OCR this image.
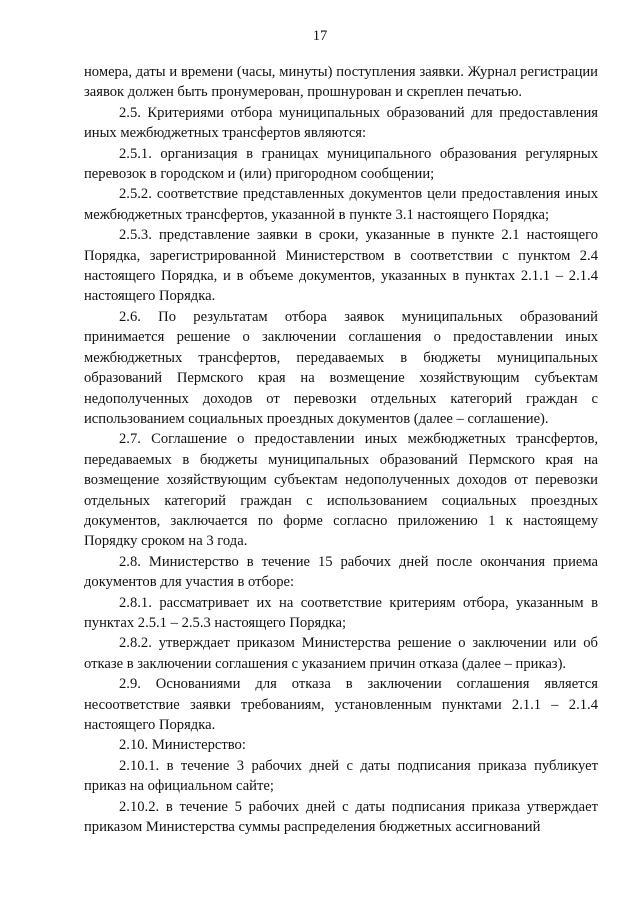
17

номера, даты и времени (часы, минуты) поступления заявки. Журнал регистрации заявок должен быть пронумерован, прошнурован и скреплен печатью.

2.5. Критериями отбора муниципальных образований для предоставления иных межбюджетных трансфертов являются:

2.5.1. организация в границах муниципального образования регулярных перевозок в городском и (или) пригородном сообщении;

2.5.2. соответствие представленных документов цели предоставления иных межбюджетных трансфертов, указанной в пункте 3.1 настоящего Порядка;

2.5.3. представление заявки в сроки, указанные в пункте 2.1 настоящего Порядка, зарегистрированной Министерством в соответствии с пунктом 2.4 настоящего Порядка, и в объеме документов, указанных в пунктах 2.1.1 – 2.1.4 настоящего Порядка.

2.6. По результатам отбора заявок муниципальных образований принимается решение о заключении соглашения о предоставлении иных межбюджетных трансфертов, передаваемых в бюджеты муниципальных образований Пермского края на возмещение хозяйствующим субъектам недополученных доходов от перевозки отдельных категорий граждан с использованием социальных проездных документов (далее – соглашение).

2.7. Соглашение о предоставлении иных межбюджетных трансфертов, передаваемых в бюджеты муниципальных образований Пермского края на возмещение хозяйствующим субъектам недополученных доходов от перевозки отдельных категорий граждан с использованием социальных проездных документов, заключается по форме согласно приложению 1 к настоящему Порядку сроком на 3 года.

2.8. Министерство в течение 15 рабочих дней после окончания приема документов для участия в отборе:

2.8.1. рассматривает их на соответствие критериям отбора, указанным в пунктах 2.5.1 – 2.5.3 настоящего Порядка;

2.8.2. утверждает приказом Министерства решение о заключении или об отказе в заключении соглашения с указанием причин отказа (далее – приказ).

2.9. Основаниями для отказа в заключении соглашения является несоответствие заявки требованиям, установленным пунктами 2.1.1 – 2.1.4 настоящего Порядка.

2.10. Министерство:

2.10.1. в течение 3 рабочих дней с даты подписания приказа публикует приказ на официальном сайте;

2.10.2. в течение 5 рабочих дней с даты подписания приказа утверждает приказом Министерства суммы распределения бюджетных ассигнований
